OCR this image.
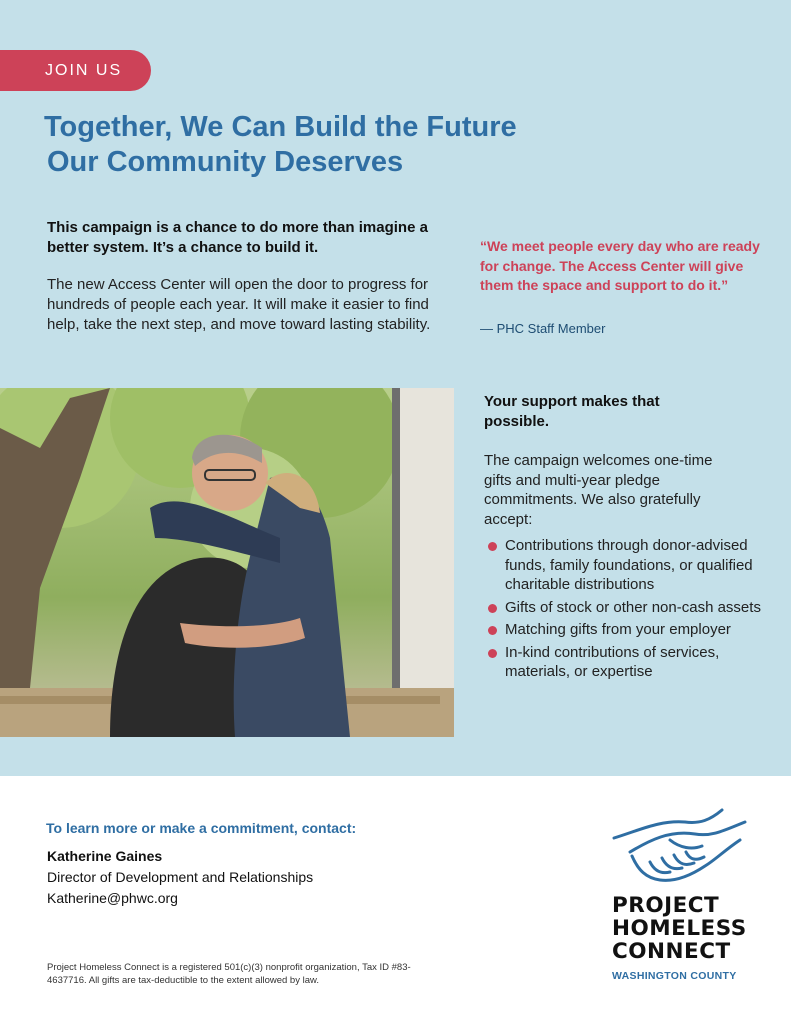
JOIN US
Together, We Can Build the Future
Our Community Deserves

This campaign is a chance to do more than imagine a better system. It’s a chance to build it.

The new Access Center will open the door to progress for hundreds of people each year. It will make it easier to find help, take the next step, and move toward lasting stability.

“We meet people every day who are ready for change. The Access Center will give them the space and support to do it.”

— PHC Staff Member

Your support makes that possible.

The campaign welcomes one-time gifts and multi-year pledge commitments. We also gratefully accept:

Contributions through donor-advised funds, family foundations, or qualified charitable distributions
Gifts of stock or other non-cash assets
Matching gifts from your employer
In-kind contributions of services, materials, or expertise
To learn more or make a commitment, contact:

Katherine Gaines

Director of Development and Relationships

Katherine@phwc.org

Project Homeless Connect is a registered 501(c)(3) nonprofit organization, Tax ID #83-4637716. All gifts are tax-deductible to the extent allowed by law.

PROJECT
HOMELESS
CONNECT
WASHINGTON COUNTY
